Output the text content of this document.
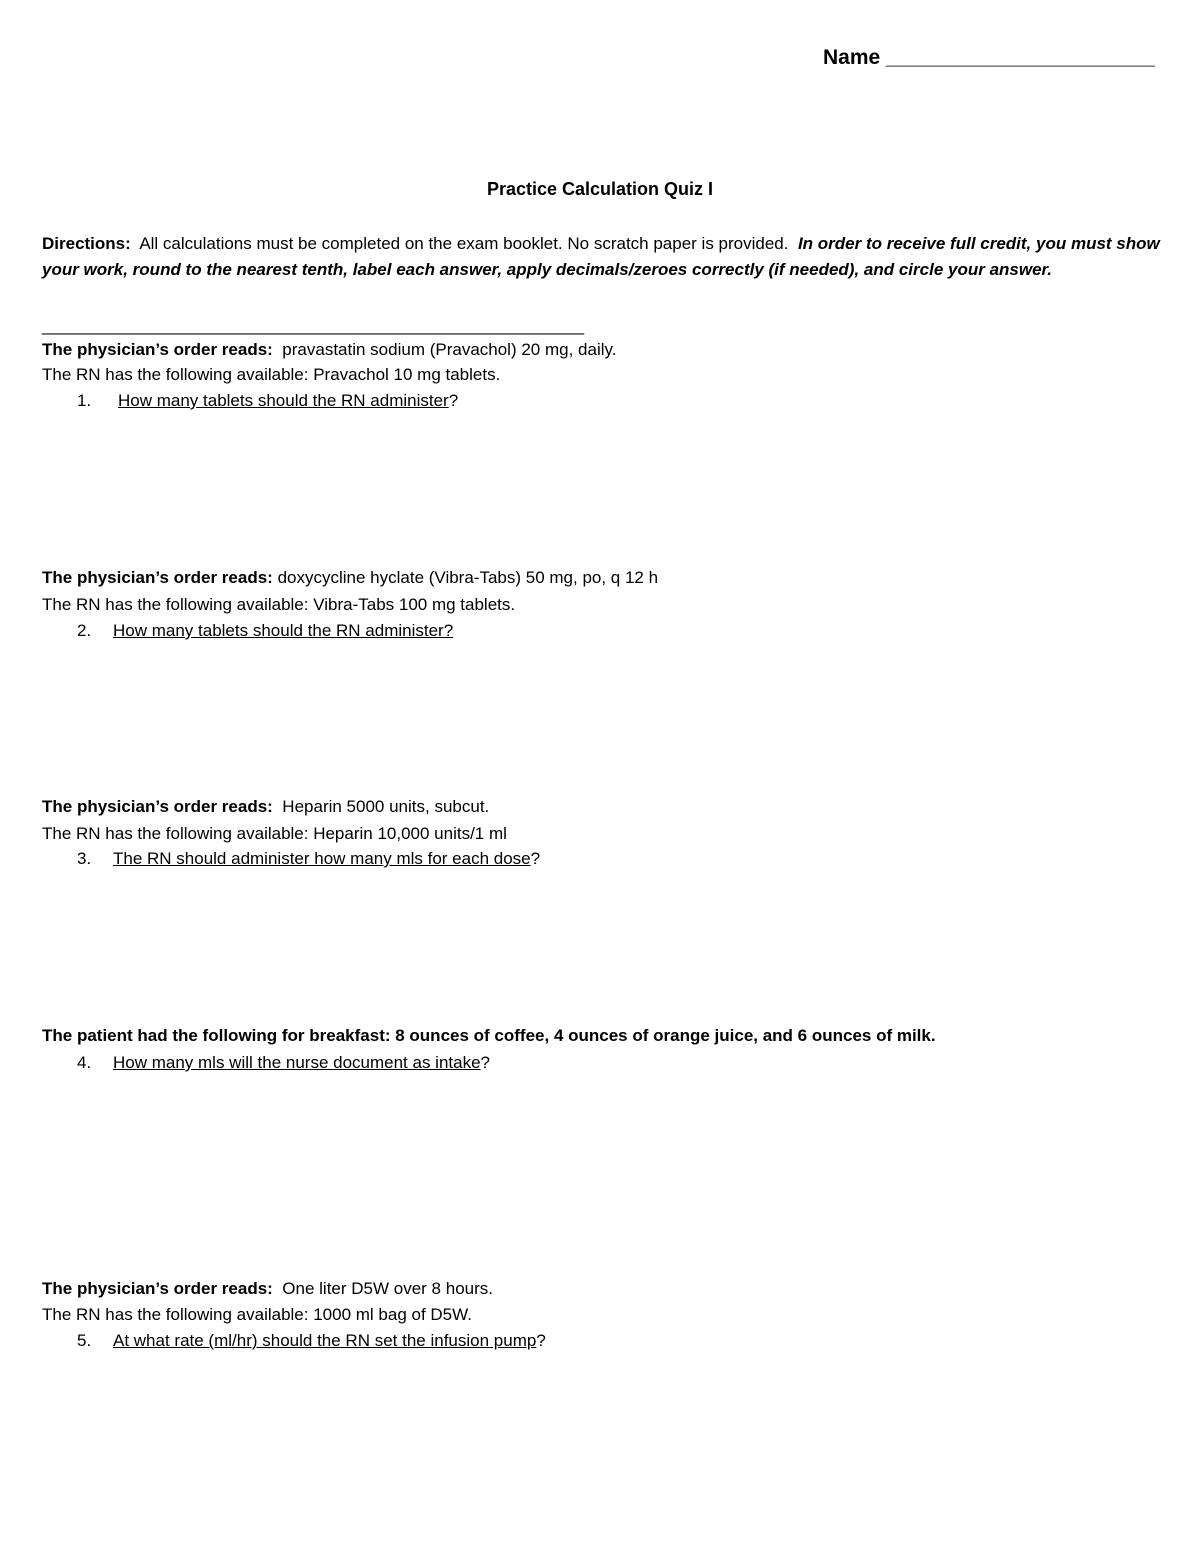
Name _______________________
Practice Calculation Quiz I
Directions: All calculations must be completed on the exam booklet. No scratch paper is provided. In order to receive full credit, you must show your work, round to the nearest tenth, label each answer, apply decimals/zeroes correctly (if needed), and circle your answer.
________________________________________________________________
The physician’s order reads: pravastatin sodium (Pravachol) 20 mg, daily.
The RN has the following available: Pravachol 10 mg tablets.
1. How many tablets should the RN administer?
The physician’s order reads: doxycycline hyclate (Vibra-Tabs) 50 mg, po, q 12 h
The RN has the following available: Vibra-Tabs 100 mg tablets.
2. How many tablets should the RN administer?
The physician’s order reads: Heparin 5000 units, subcut.
The RN has the following available: Heparin 10,000 units/1 ml
3. The RN should administer how many mls for each dose?
The patient had the following for breakfast: 8 ounces of coffee, 4 ounces of orange juice, and 6 ounces of milk.
4. How many mls will the nurse document as intake?
The physician’s order reads: One liter D5W over 8 hours.
The RN has the following available: 1000 ml bag of D5W.
5. At what rate (ml/hr) should the RN set the infusion pump?
